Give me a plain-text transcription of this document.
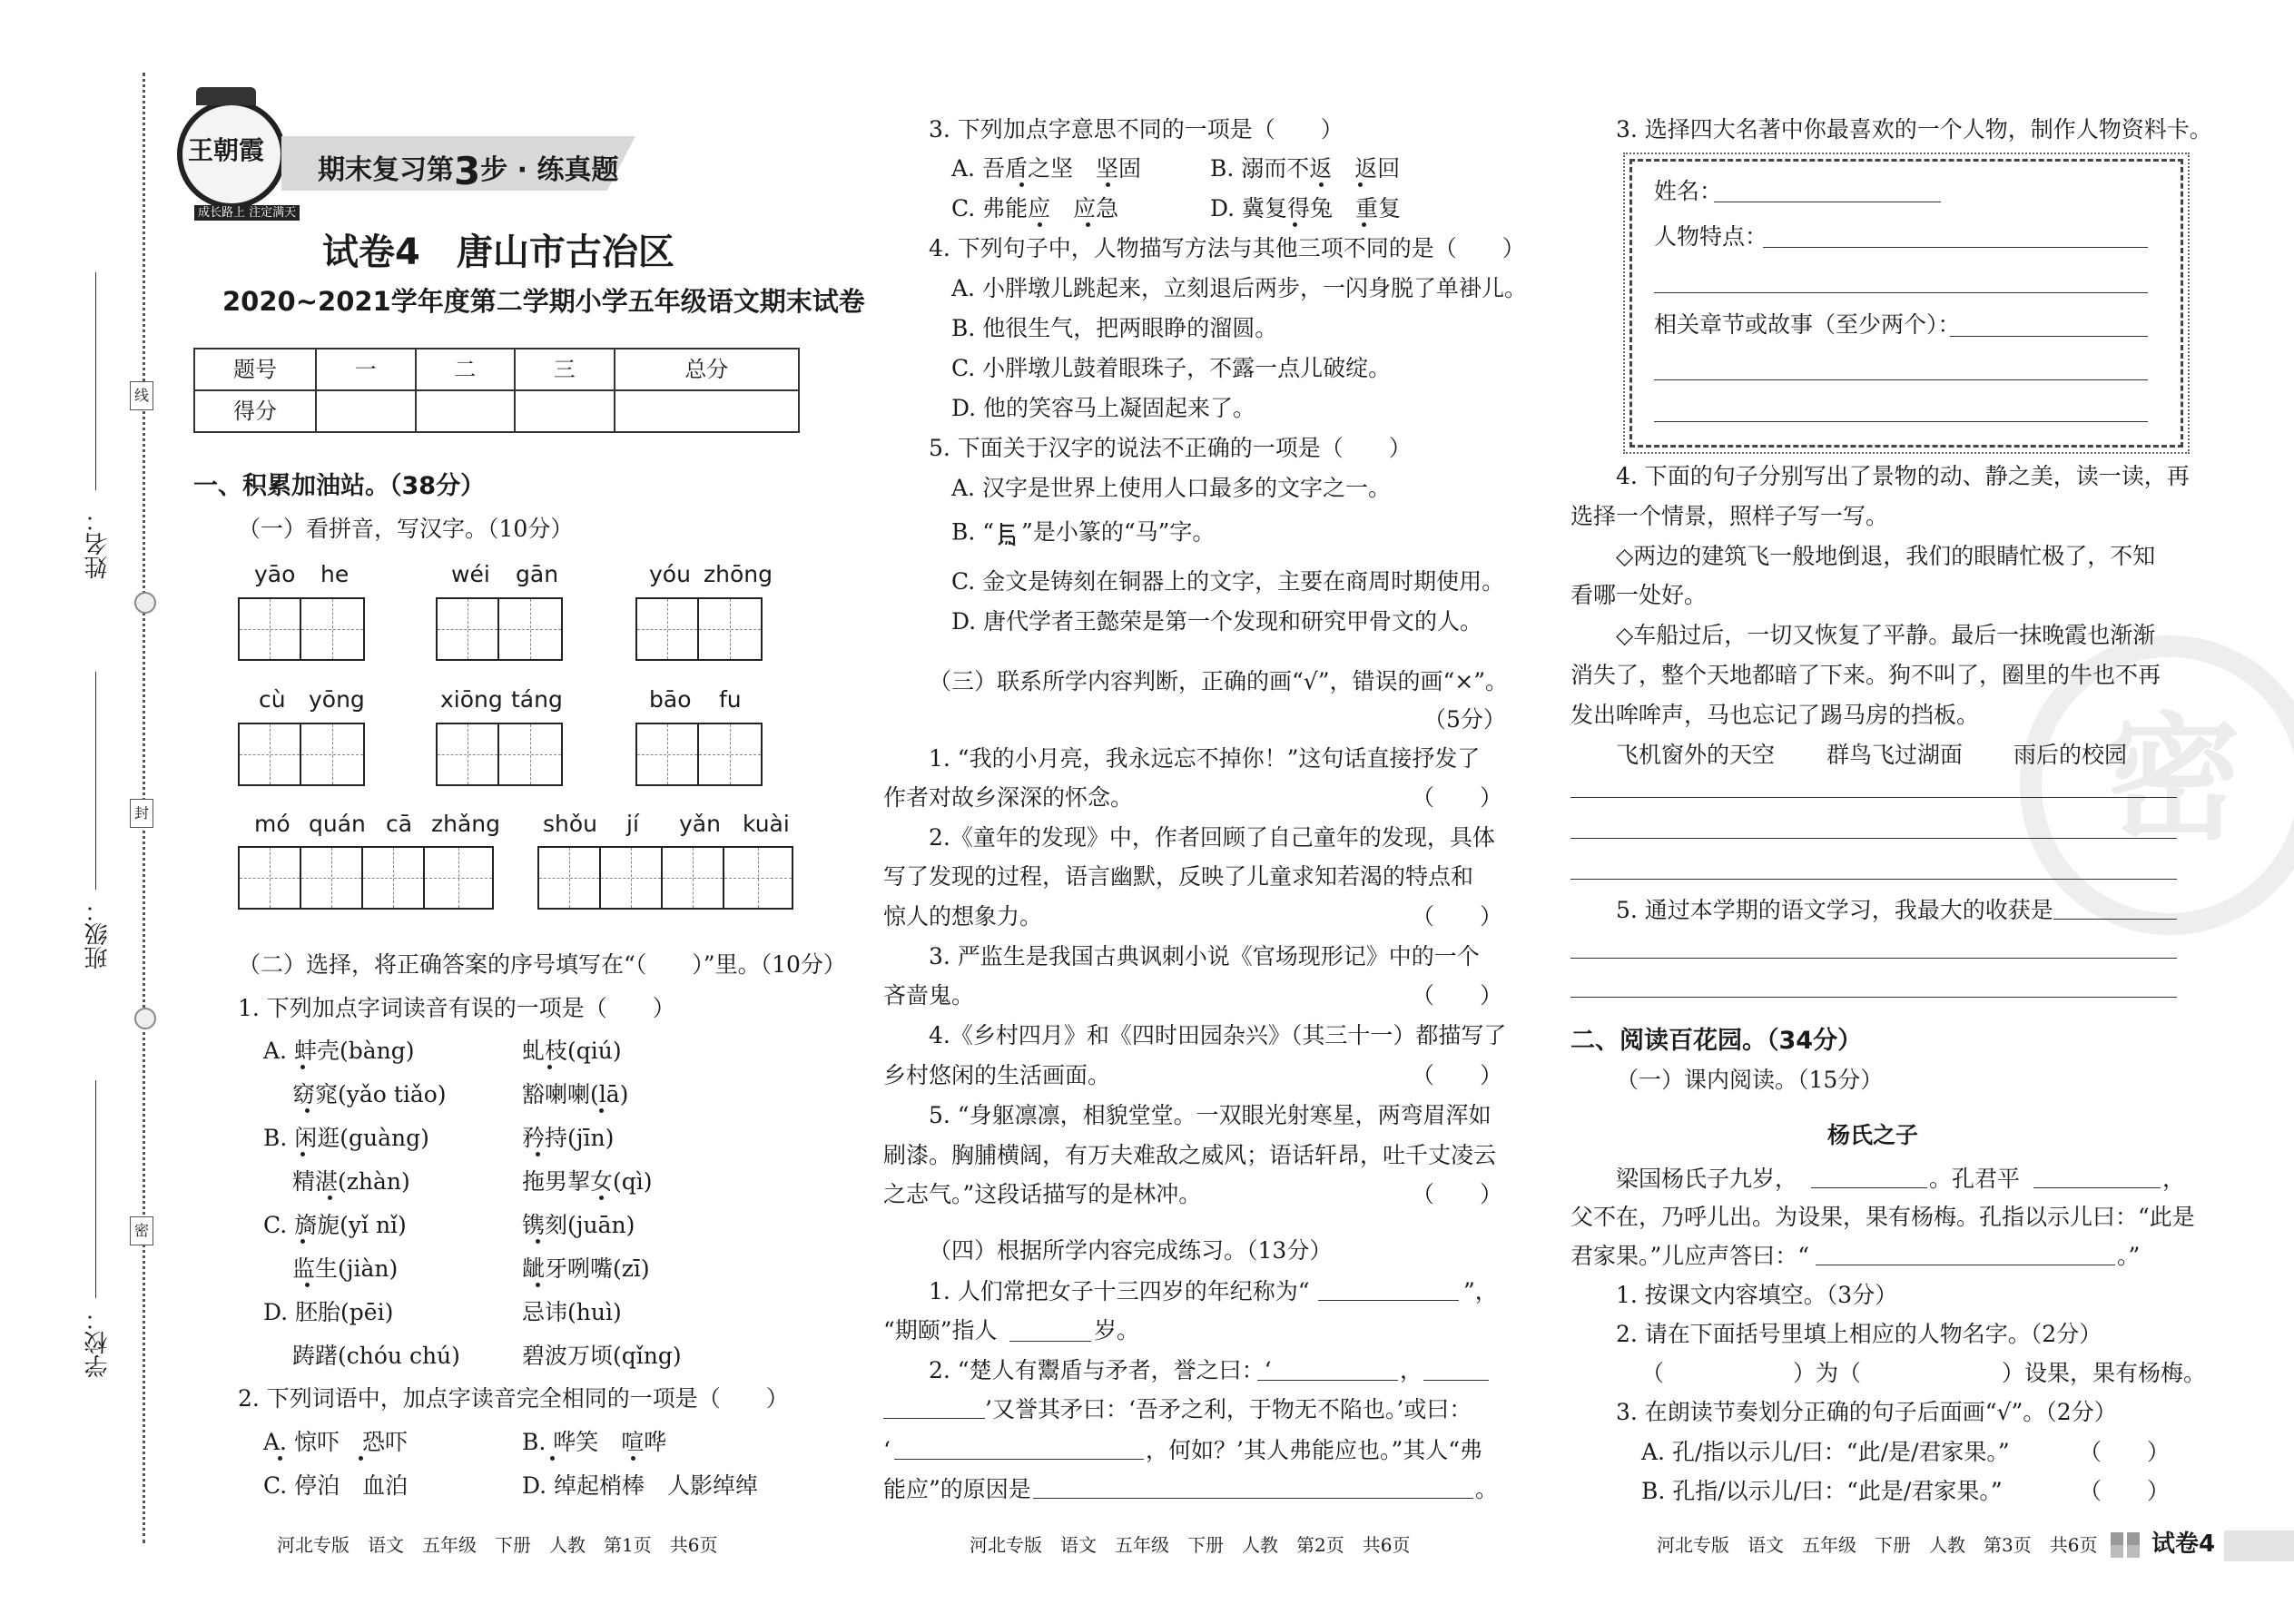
线
封
密
姓名：
班级：
学校：
王朝霞
成长路上 注定满天
期末复习第3步 · 练真题
试卷4　唐山市古冶区
2020~2021学年度第二学期小学五年级语文期末试卷
题号	一	二	三	总分
得分				
一、积累加油站。（38分）
（一）看拼音，写汉字。（10分）
yāo he	wéi gān	yóu zhōng
cù yōng	xiōng táng	bāo fu
mó quán cā zhǎng shǒu jí yǎn kuài
（二）选择，将正确答案的序号填写在“（　　）”里。（10分）
1. 下列加点字词读音有误的一项是（　　）
A. 蚌壳(bàng)	虬枝(qiú)
窈窕(yǎo tiǎo)	豁喇喇(lā)
B. 闲逛(guàng)	矜持(jīn)
精湛(zhàn)	拖男挈女(qì)
C. 旖旎(yǐ nǐ)	镌刻(juān)
监生(jiàn)	龇牙咧嘴(zī)
D. 胚胎(pēi)	忌讳(huì)
踌躇(chóu chú)	碧波万顷(qǐng)
2. 下列词语中，加点字读音完全相同的一项是（　　）
A. 惊吓　恐吓	B. 哗笑　喧哗
C. 停泊　血泊	D. 绰起梢棒　人影绰绰
河北专版　语文　五年级　下册　人教　第1页　共6页
3. 下列加点字意思不同的一项是（　　）
A. 吾盾之坚　坚固	B. 溺而不返　返回
C. 弗能应　应急	D. 冀复得兔　重复
4. 下列句子中，人物描写方法与其他三项不同的是（　　）
A. 小胖墩儿跳起来，立刻退后两步，一闪身脱了单褂儿。
B. 他很生气，把两眼睁的溜圆。
C. 小胖墩儿鼓着眼珠子，不露一点儿破绽。
D. 他的笑容马上凝固起来了。
5. 下面关于汉字的说法不正确的一项是（　　）
A. 汉字是世界上使用人口最多的文字之一。
B. “ ”是小篆的“马”字。
C. 金文是铸刻在铜器上的文字，主要在商周时期使用。
D. 唐代学者王懿荣是第一个发现和研究甲骨文的人。
（三）联系所学内容判断，正确的画“√”，错误的画“×”。
（5分）
1. “我的小月亮，我永远忘不掉你！”这句话直接抒发了
作者对故乡深深的怀念。	（　　）
2.《童年的发现》中，作者回顾了自己童年的发现，具体
写了发现的过程，语言幽默，反映了儿童求知若渴的特点和
惊人的想象力。	（　　）
3. 严监生是我国古典讽刺小说《官场现形记》中的一个
吝啬鬼。	（　　）
4.《乡村四月》和《四时田园杂兴》（其三十一）都描写了
乡村悠闲的生活画面。	（　　）
5. “身躯凛凛，相貌堂堂。一双眼光射寒星，两弯眉浑如
刷漆。胸脯横阔，有万夫难敌之威风；语话轩昂，吐千丈凌云
之志气。”这段话描写的是林冲。	（　　）
（四）根据所学内容完成练习。（13分）
1. 人们常把女子十三四岁的年纪称为“	”，
“期颐”指人	岁。
2. “楚人有鬻盾与矛者，誉之曰：‘	，
’又誉其矛曰：‘吾矛之利，于物无不陷也。’或曰：
‘	，何如？’其人弗能应也。”其人“弗
能应”的原因是	。
河北专版　语文　五年级　下册　人教　第2页　共6页
密
3. 选择四大名著中你最喜欢的一个人物，制作人物资料卡。
姓名：
人物特点：
相关章节或故事（至少两个）：
4. 下面的句子分别写出了景物的动、静之美，读一读，再
选择一个情景，照样子写一写。
◇两边的建筑飞一般地倒退，我们的眼睛忙极了，不知
看哪一处好。
◇车船过后，一切又恢复了平静。最后一抹晚霞也渐渐
消失了，整个天地都暗了下来。狗不叫了，圈里的牛也不再
发出哞哞声，马也忘记了踢马房的挡板。
飞机窗外的天空 群鸟飞过湖面 雨后的校园
5. 通过本学期的语文学习，我最大的收获是
二、阅读百花园。（34分）
（一）课内阅读。（15分）
杨氏之子
梁国杨氏子九岁，	。孔君平	，
父不在，乃呼儿出。为设果，果有杨梅。孔指以示儿曰：“此是
君家果。”儿应声答曰：“	。”
1. 按课文内容填空。（3分）
2. 请在下面括号里填上相应的人物名字。（2分）
（	）为（	）设果，果有杨梅。
3. 在朗读节奏划分正确的句子后面画“√”。（2分）
A. 孔/指以示儿/曰：“此/是/君家果。”	（　　）
B. 孔指/以示儿/曰：“此是/君家果。”	（　　）
河北专版　语文　五年级　下册　人教　第3页　共6页 试卷4
